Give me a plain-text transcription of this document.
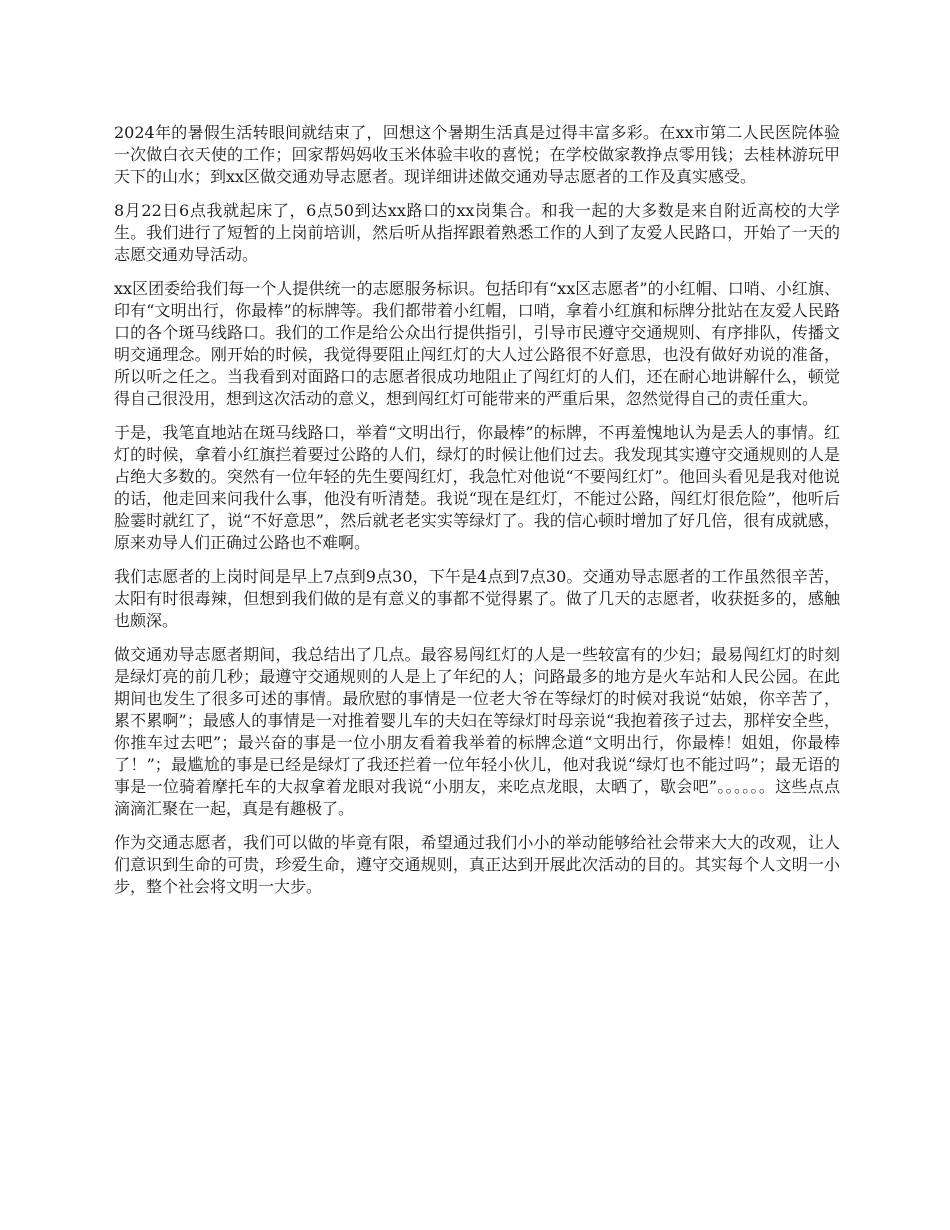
2024年的暑假生活转眼间就结束了，回想这个暑期生活真是过得丰富多彩。在xx市第二人民医院体验一次做白衣天使的工作；回家帮妈妈收玉米体验丰收的喜悦；在学校做家教挣点零用钱；去桂林游玩甲天下的山水；到xx区做交通劝导志愿者。现详细讲述做交通劝导志愿者的工作及真实感受。

8月22日6点我就起床了，6点50到达xx路口的xx岗集合。和我一起的大多数是来自附近高校的大学生。我们进行了短暂的上岗前培训，然后听从指挥跟着熟悉工作的人到了友爱人民路口，开始了一天的志愿交通劝导活动。

xx区团委给我们每一个人提供统一的志愿服务标识。包括印有“xx区志愿者”的小红帽、口哨、小红旗、印有“文明出行，你最棒”的标牌等。我们都带着小红帽，口哨，拿着小红旗和标牌分批站在友爱人民路口的各个斑马线路口。我们的工作是给公众出行提供指引，引导市民遵守交通规则、有序排队，传播文明交通理念。刚开始的时候，我觉得要阻止闯红灯的大人过公路很不好意思，也没有做好劝说的准备，所以听之任之。当我看到对面路口的志愿者很成功地阻止了闯红灯的人们，还在耐心地讲解什么，顿觉得自己很没用，想到这次活动的意义，想到闯红灯可能带来的严重后果，忽然觉得自己的责任重大。

于是，我笔直地站在斑马线路口，举着“文明出行，你最棒”的标牌，不再羞愧地认为是丢人的事情。红灯的时候，拿着小红旗拦着要过公路的人们，绿灯的时候让他们过去。我发现其实遵守交通规则的人是占绝大多数的。突然有一位年轻的先生要闯红灯，我急忙对他说“不要闯红灯”。他回头看见是我对他说的话，他走回来问我什么事，他没有听清楚。我说“现在是红灯，不能过公路，闯红灯很危险”，他听后脸霎时就红了，说“不好意思”，然后就老老实实等绿灯了。我的信心顿时增加了好几倍，很有成就感，原来劝导人们正确过公路也不难啊。

我们志愿者的上岗时间是早上7点到9点30，下午是4点到7点30。交通劝导志愿者的工作虽然很辛苦，太阳有时很毒辣，但想到我们做的是有意义的事都不觉得累了。做了几天的志愿者，收获挺多的，感触也颇深。

做交通劝导志愿者期间，我总结出了几点。最容易闯红灯的人是一些较富有的少妇；最易闯红灯的时刻是绿灯亮的前几秒；最遵守交通规则的人是上了年纪的人；问路最多的地方是火车站和人民公园。在此期间也发生了很多可述的事情。最欣慰的事情是一位老大爷在等绿灯的时候对我说“姑娘，你辛苦了，累不累啊”；最感人的事情是一对推着婴儿车的夫妇在等绿灯时母亲说“我抱着孩子过去，那样安全些，你推车过去吧”；最兴奋的事是一位小朋友看着我举着的标牌念道“文明出行，你最棒！姐姐，你最棒了！”；最尴尬的事是已经是绿灯了我还拦着一位年轻小伙儿，他对我说“绿灯也不能过吗”；最无语的事是一位骑着摩托车的大叔拿着龙眼对我说“小朋友，来吃点龙眼，太晒了，歇会吧”。。。。。。这些点点滴滴汇聚在一起，真是有趣极了。

作为交通志愿者，我们可以做的毕竟有限，希望通过我们小小的举动能够给社会带来大大的改观，让人们意识到生命的可贵，珍爱生命，遵守交通规则，真正达到开展此次活动的目的。其实每个人文明一小步，整个社会将文明一大步。
